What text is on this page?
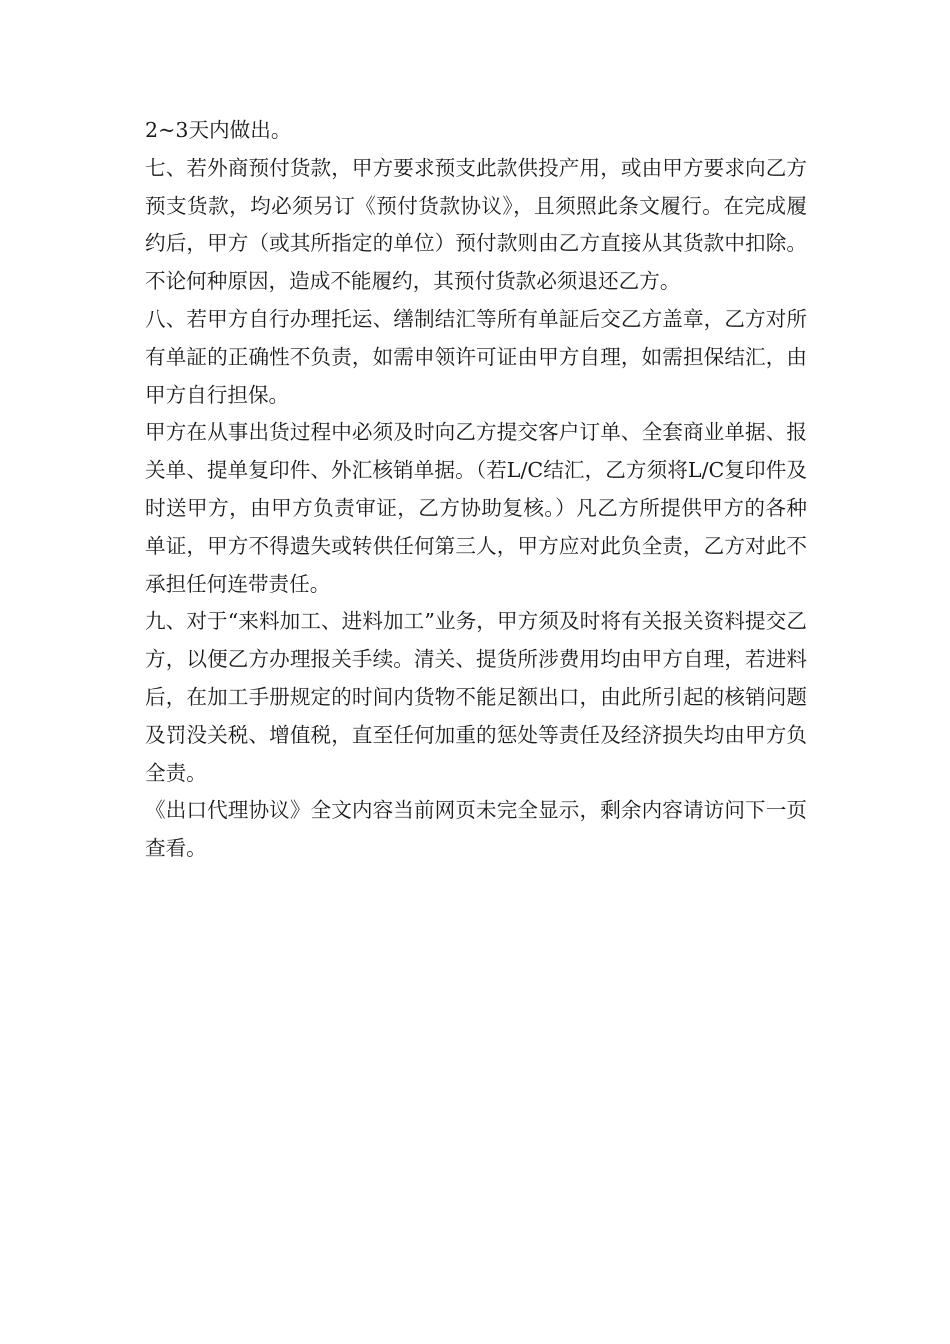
2~3天内做出。

七、若外商预付货款，甲方要求预支此款供投产用，或由甲方要求向乙方预支货款，均必须另订《预付货款协议》，且须照此条文履行。在完成履约后，甲方（或其所指定的单位）预付款则由乙方直接从其货款中扣除。不论何种原因，造成不能履约，其预付货款必须退还乙方。

八、若甲方自行办理托运、缮制结汇等所有单証后交乙方盖章，乙方对所有单証的正确性不负责，如需申领许可证由甲方自理，如需担保结汇，由甲方自行担保。

甲方在从事出货过程中必须及时向乙方提交客户订单、全套商业单据、报关单、提单复印件、外汇核销单据。（若L/C结汇，乙方须将L/C复印件及时送甲方，由甲方负责审证，乙方协助复核。）凡乙方所提供甲方的各种单证，甲方不得遗失或转供任何第三人，甲方应对此负全责，乙方对此不承担任何连带责任。

九、对于“来料加工、进料加工”业务，甲方须及时将有关报关资料提交乙方，以便乙方办理报关手续。清关、提货所涉费用均由甲方自理，若进料后，在加工手册规定的时间内货物不能足额出口，由此所引起的核销问题及罚没关税、增值税，直至任何加重的惩处等责任及经济损失均由甲方负全责。

《出口代理协议》全文内容当前网页未完全显示，剩余内容请访问下一页查看。
